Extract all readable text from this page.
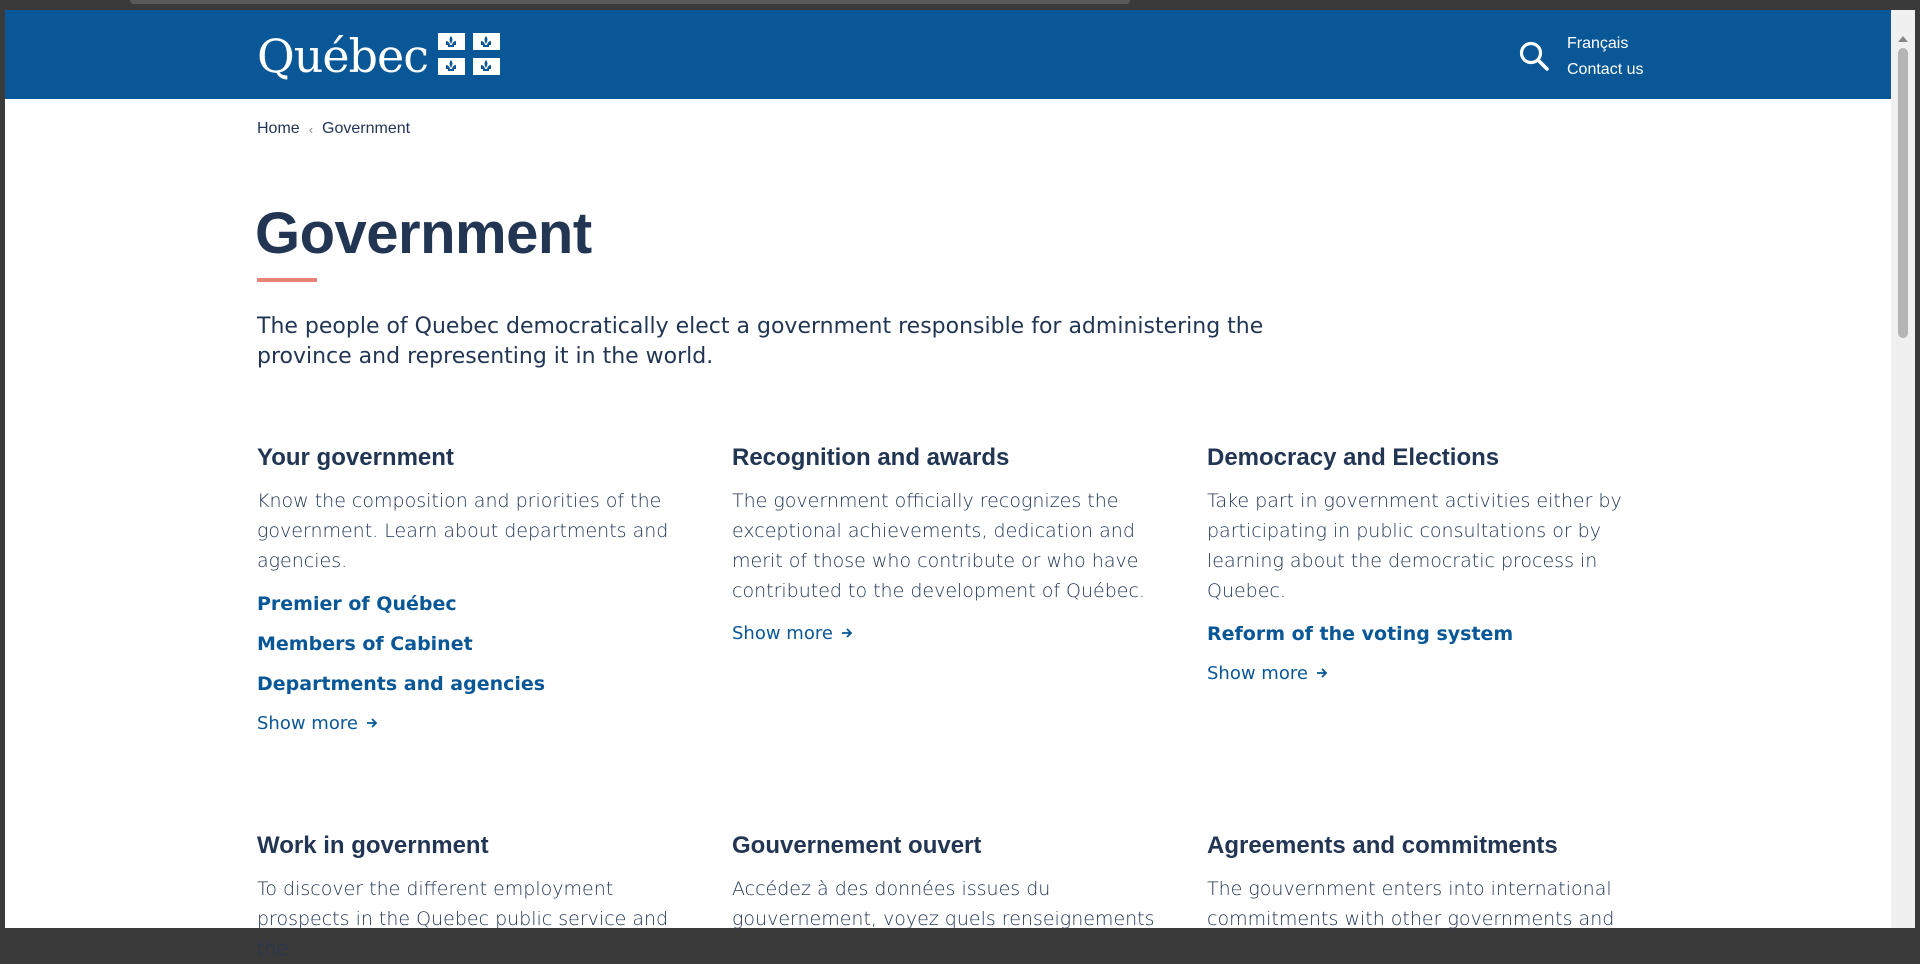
Québec	Français
Contact us
Home ‹ Government
Government

The people of Quebec democratically elect a government responsible for administering the province and representing it in the world.

Your government

Know the composition and priorities of the government. Learn about departments and agencies.

Premier of Québec
Members of Cabinet
Departments and agencies
Show more
Recognition and awards

The government officially recognizes the exceptional achievements, dedication and merit of those who contribute or who have contributed to the development of Québec.

Show more
Democracy and Elections

Take part in government activities either by participating in public consultations or by learning about the democratic process in Quebec.

Reform of the voting system
Show more
Work in government

To discover the different employment prospects in the Quebec public service and the

Gouvernement ouvert

Accédez à des données issues du gouvernement, voyez quels renseignements

Agreements and commitments

The gouvernment enters into international commitments with other governments and
